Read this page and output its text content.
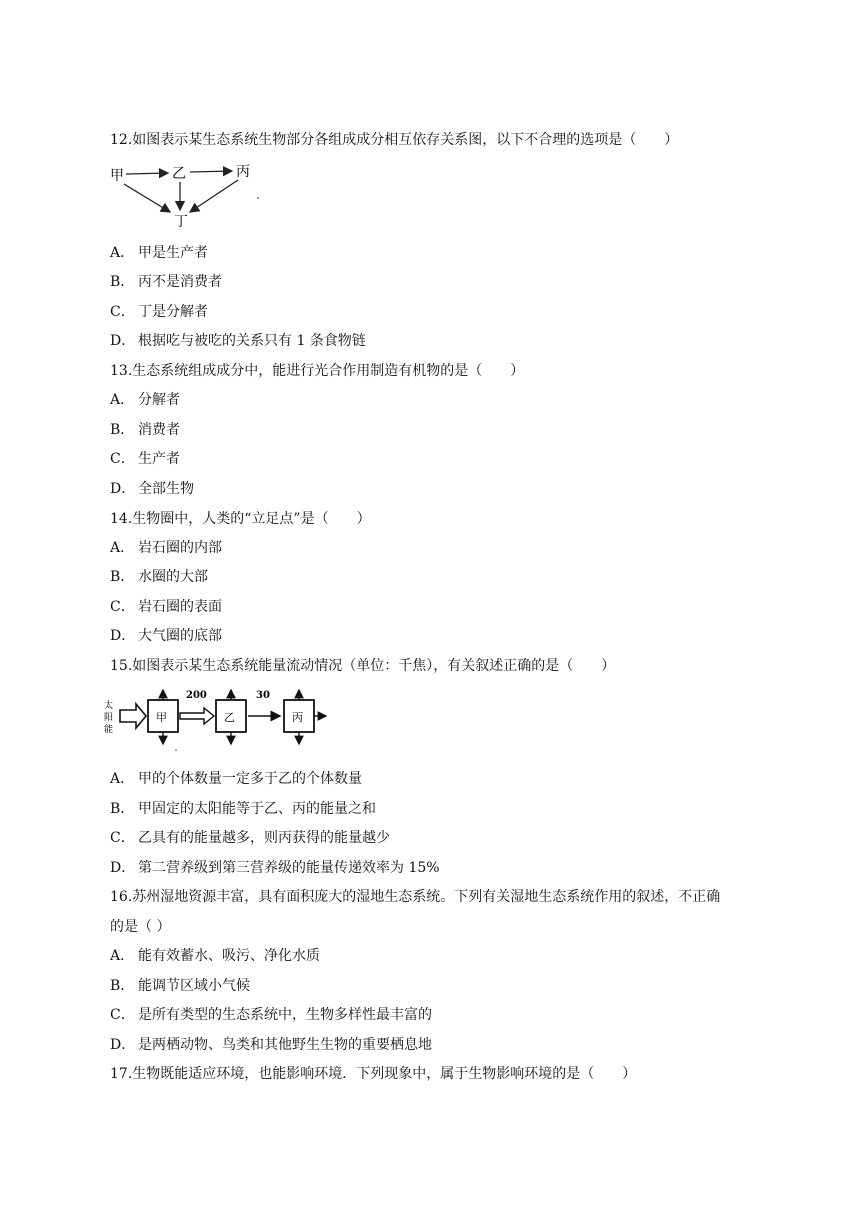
12.如图表示某生态系统生物部分各组成成分相互依存关系图，以下不合理的选项是（　　）
甲	乙	丙
丁
A． 甲是生产者
B． 丙不是消费者
C． 丁是分解者
D． 根据吃与被吃的关系只有 1 条食物链
13.生态系统组成成分中，能进行光合作用制造有机物的是（　　）
A． 分解者
B． 消费者
C． 生产者
D． 全部生物
14.生物圈中，人类的“立足点”是（　　）
A． 岩石圈的内部
B． 水圈的大部
C． 岩石圈的表面
D． 大气圈的底部
15.如图表示某生态系统能量流动情况（单位：千焦），有关叙述正确的是（　　）
太
阳
能
甲
200
乙
30
丙
A． 甲的个体数量一定多于乙的个体数量
B． 甲固定的太阳能等于乙、丙的能量之和
C． 乙具有的能量越多，则丙获得的能量越少
D． 第二营养级到第三营养级的能量传递效率为 15%
16.苏州湿地资源丰富，具有面积庞大的湿地生态系统。下列有关湿地生态系统作用的叙述，不正确
的是（ ）
A． 能有效蓄水、吸污、净化水质
B． 能调节区域小气候
C． 是所有类型的生态系统中，生物多样性最丰富的
D． 是两栖动物、鸟类和其他野生生物的重要栖息地
17.生物既能适应环境，也能影响环境．下列现象中，属于生物影响环境的是（　　）
